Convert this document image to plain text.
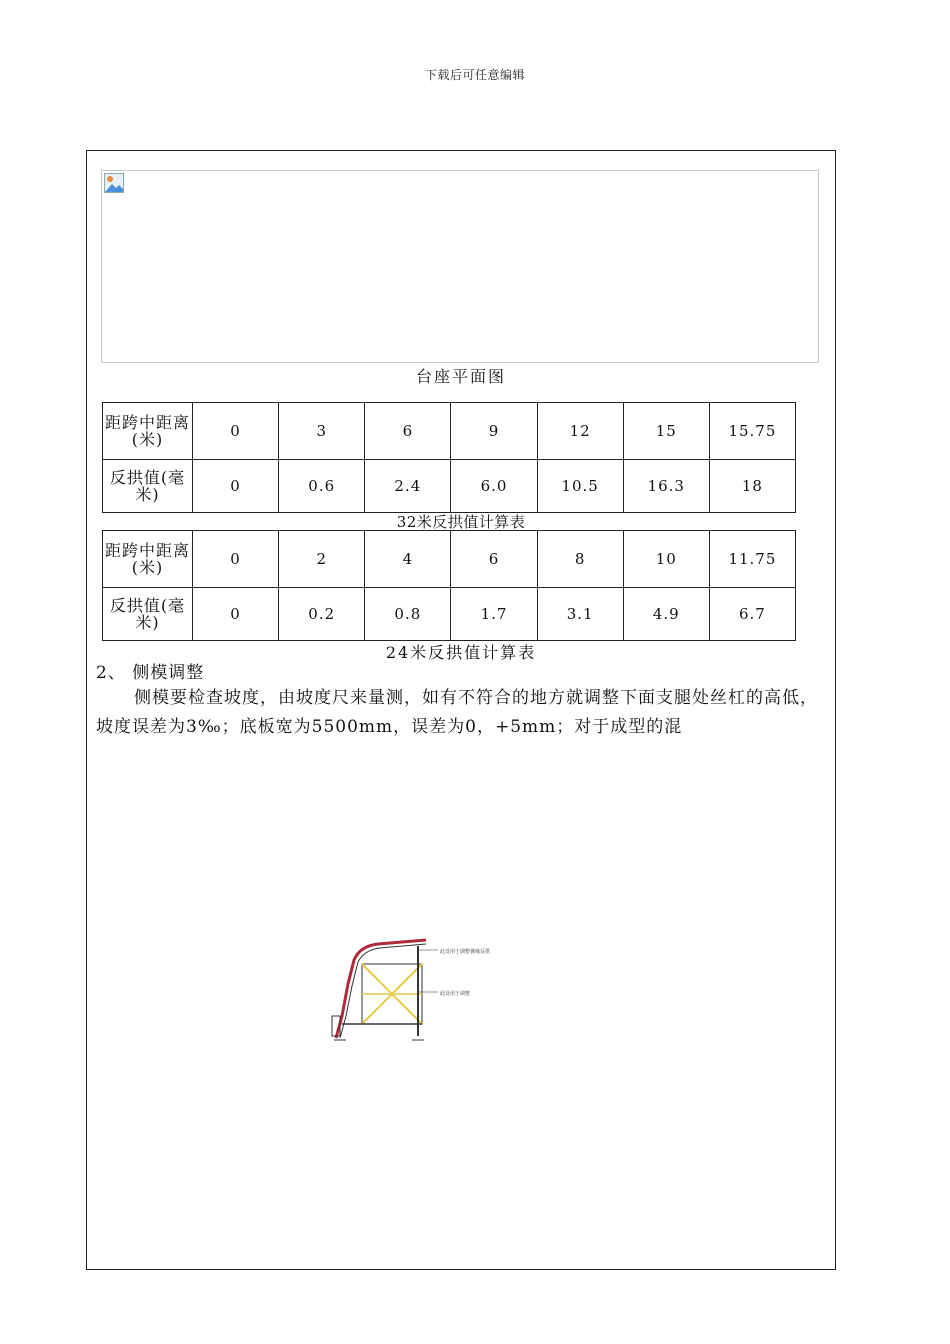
下载后可任意编辑
台座平面图
距跨中距离(米)	0	3	6	9	12	15	15.75
反拱值(毫米)	0	0.6	2.4	6.0	10.5	16.3	18
32米反拱值计算表
距跨中距离(米)	0	2	4	6	8	10	11.75
反拱值(毫米)	0	0.2	0.8	1.7	3.1	4.9	6.7
24米反拱值计算表
2、 侧模调整
侧模要检查坡度，由坡度尺来量测，如有不符合的地方就调整下面支腿处丝杠的高低，坡度误差为3‰；底板宽为5500mm，误差为0，+5mm；对于成型的混
此处用于调整翼缘反拱
此处用于调整
